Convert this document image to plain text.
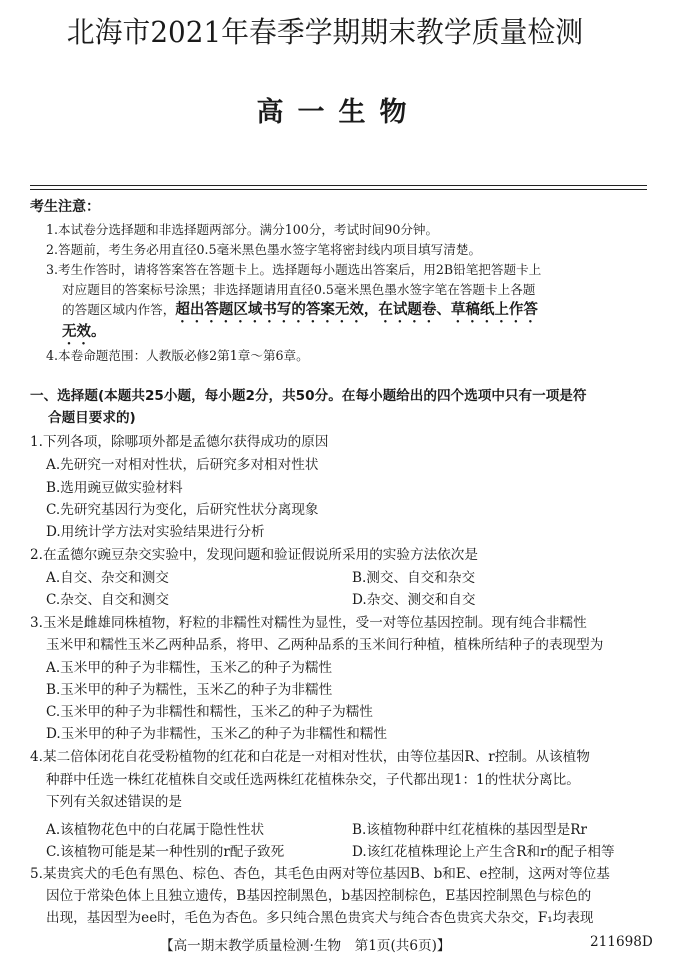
北海市2021年春季学期期末教学质量检测
高一生物
考生注意：
1.本试卷分选择题和非选择题两部分。满分100分，考试时间90分钟。
2.答题前，考生务必用直径0.5毫米黑色墨水签字笔将密封线内项目填写清楚。
3.考生作答时，请将答案答在答题卡上。选择题每小题选出答案后，用2B铅笔把答题卡上
对应题目的答案标号涂黑；非选择题请用直径0.5毫米黑色墨水签字笔在答题卡上各题
的答题区域内作答，超出答题区域书写的答案无效，在试题卷、草稿纸上作答
无效。
4.本卷命题范围：人教版必修2第1章～第6章。
一、选择题(本题共25小题，每小题2分，共50分。在每小题给出的四个选项中只有一项是符
合题目要求的)
1.下列各项，除哪项外都是孟德尔获得成功的原因
A.先研究一对相对性状，后研究多对相对性状
B.选用豌豆做实验材料
C.先研究基因行为变化，后研究性状分离现象
D.用统计学方法对实验结果进行分析
2.在孟德尔豌豆杂交实验中，发现问题和验证假说所采用的实验方法依次是
A.自交、杂交和测交	B.测交、自交和杂交
C.杂交、自交和测交	D.杂交、测交和自交
3.玉米是雌雄同株植物，籽粒的非糯性对糯性为显性，受一对等位基因控制。现有纯合非糯性
玉米甲和糯性玉米乙两种品系，将甲、乙两种品系的玉米间行种植，植株所结种子的表现型为
A.玉米甲的种子为非糯性，玉米乙的种子为糯性
B.玉米甲的种子为糯性，玉米乙的种子为非糯性
C.玉米甲的种子为非糯性和糯性，玉米乙的种子为糯性
D.玉米甲的种子为非糯性，玉米乙的种子为非糯性和糯性
4.某二倍体闭花自花受粉植物的红花和白花是一对相对性状，由等位基因R、r控制。从该植物
种群中任选一株红花植株自交或任选两株红花植株杂交，子代都出现1：1的性状分离比。
下列有关叙述错误的是
A.该植物花色中的白花属于隐性性状	B.该植物种群中红花植株的基因型是Rr
C.该植物可能是某一种性别的r配子致死	D.该红花植株理论上产生含R和r的配子相等
5.某贵宾犬的毛色有黑色、棕色、杏色，其毛色由两对等位基因B、b和E、e控制，这两对等位基
因位于常染色体上且独立遗传，B基因控制黑色，b基因控制棕色，E基因控制黑色与棕色的
出现，基因型为ee时，毛色为杏色。多只纯合黑色贵宾犬与纯合杏色贵宾犬杂交，F₁均表现
【高一期末教学质量检测·生物　第1页(共6页)】	211698D
